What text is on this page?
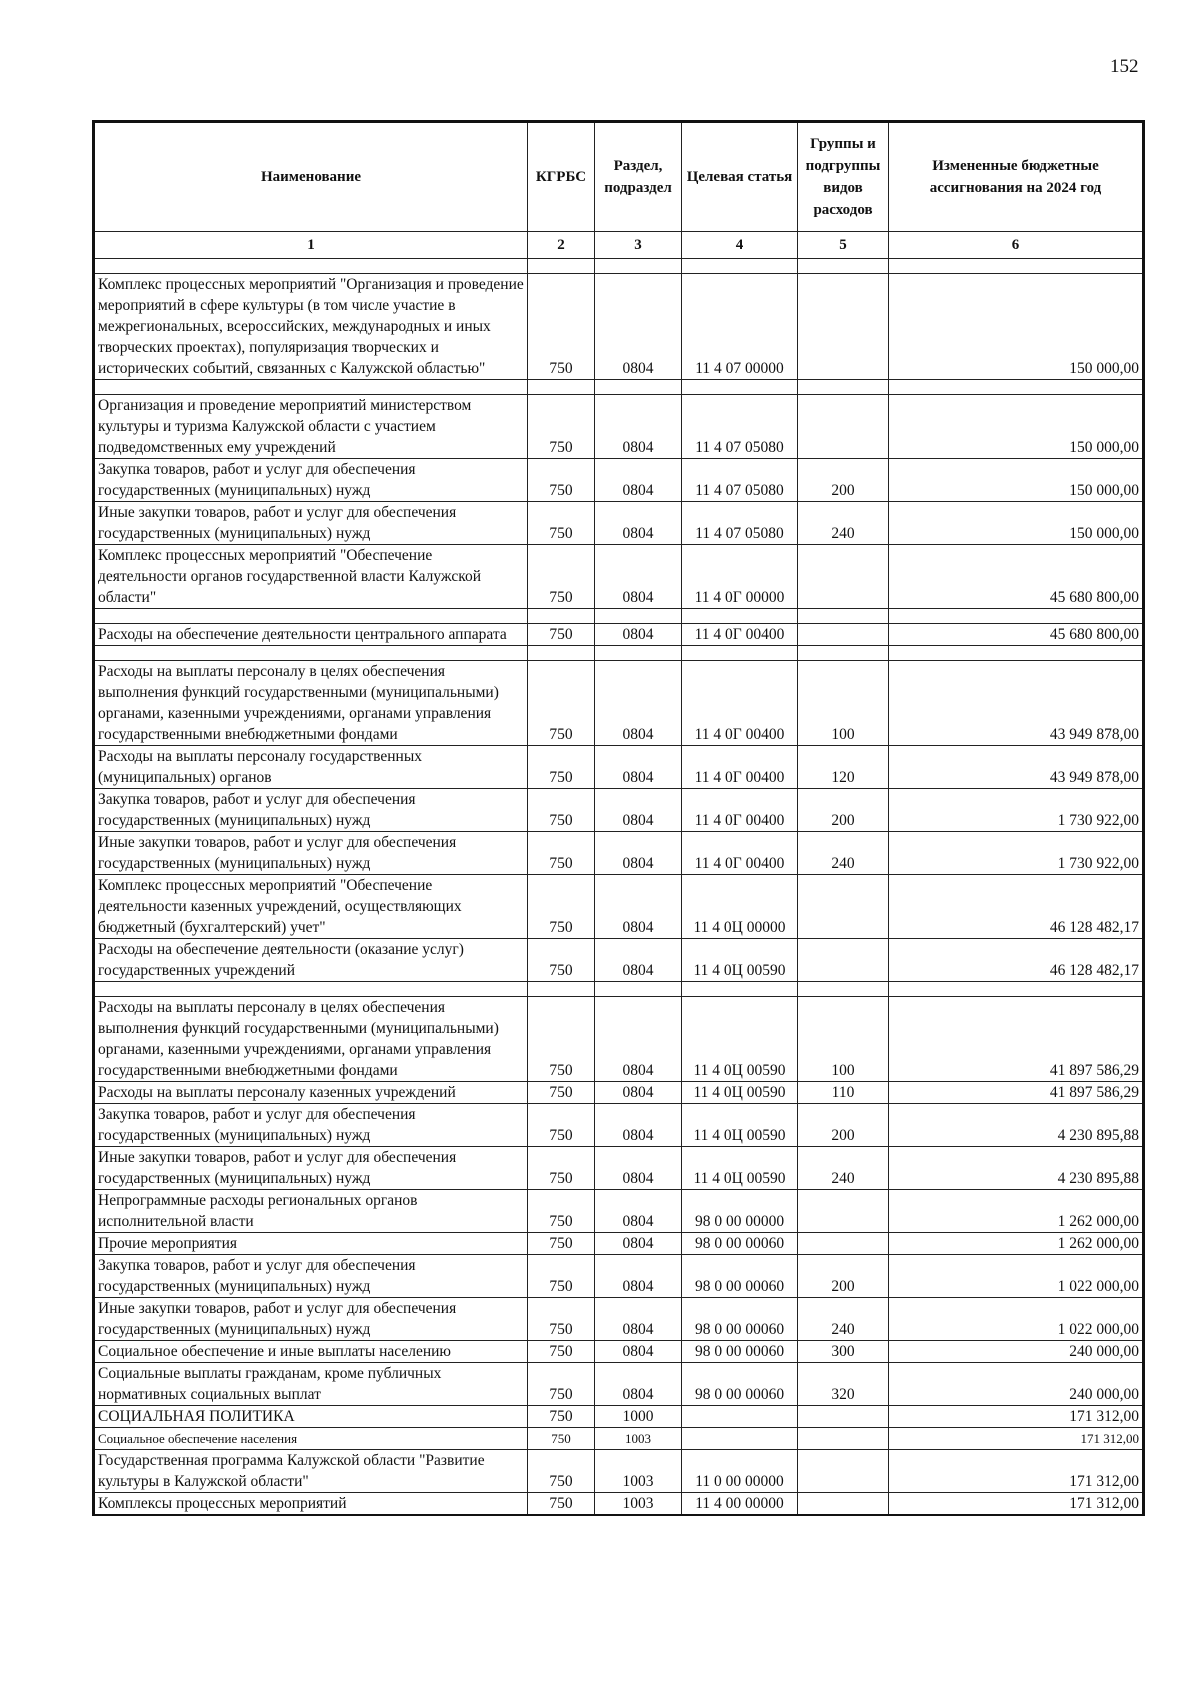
152
Наименование	КГРБС	Раздел, подраздел	Целевая статья	Группы и подгруппы видов расходов	Измененные бюджетные ассигнования на 2024 год
1	2	3	4	5	6

Комплекс процессных мероприятий "Организация и проведение мероприятий в сфере культуры (в том числе участие в межрегиональных, всероссийских, международных и иных творческих проектах), популяризация творческих и исторических событий, связанных с Калужской областью"	750	0804	11 4 07 00000		150 000,00

Организация и проведение мероприятий министерством культуры и туризма Калужской области с участием подведомственных ему учреждений	750	0804	11 4 07 05080		150 000,00
Закупка товаров, работ и услуг для обеспечения государственных (муниципальных) нужд	750	0804	11 4 07 05080	200	150 000,00
Иные закупки товаров, работ и услуг для обеспечения государственных (муниципальных) нужд	750	0804	11 4 07 05080	240	150 000,00
Комплекс процессных мероприятий "Обеспечение деятельности органов государственной власти Калужской области"	750	0804	11 4 0Г 00000		45 680 800,00

Расходы на обеспечение деятельности центрального аппарата	750	0804	11 4 0Г 00400		45 680 800,00

Расходы на выплаты персоналу в целях обеспечения выполнения функций государственными (муниципальными) органами, казенными учреждениями, органами управления государственными внебюджетными фондами	750	0804	11 4 0Г 00400	100	43 949 878,00
Расходы на выплаты персоналу государственных (муниципальных) органов	750	0804	11 4 0Г 00400	120	43 949 878,00
Закупка товаров, работ и услуг для обеспечения государственных (муниципальных) нужд	750	0804	11 4 0Г 00400	200	1 730 922,00
Иные закупки товаров, работ и услуг для обеспечения государственных (муниципальных) нужд	750	0804	11 4 0Г 00400	240	1 730 922,00
Комплекс процессных мероприятий "Обеспечение деятельности казенных учреждений, осуществляющих бюджетный (бухгалтерский) учет"	750	0804	11 4 0Ц 00000		46 128 482,17
Расходы на обеспечение деятельности (оказание услуг) государственных учреждений	750	0804	11 4 0Ц 00590		46 128 482,17

Расходы на выплаты персоналу в целях обеспечения выполнения функций государственными (муниципальными) органами, казенными учреждениями, органами управления государственными внебюджетными фондами	750	0804	11 4 0Ц 00590	100	41 897 586,29
Расходы на выплаты персоналу казенных учреждений	750	0804	11 4 0Ц 00590	110	41 897 586,29
Закупка товаров, работ и услуг для обеспечения государственных (муниципальных) нужд	750	0804	11 4 0Ц 00590	200	4 230 895,88
Иные закупки товаров, работ и услуг для обеспечения государственных (муниципальных) нужд	750	0804	11 4 0Ц 00590	240	4 230 895,88
Непрограммные расходы региональных органов исполнительной власти	750	0804	98 0 00 00000		1 262 000,00
Прочие мероприятия	750	0804	98 0 00 00060		1 262 000,00
Закупка товаров, работ и услуг для обеспечения государственных (муниципальных) нужд	750	0804	98 0 00 00060	200	1 022 000,00
Иные закупки товаров, работ и услуг для обеспечения государственных (муниципальных) нужд	750	0804	98 0 00 00060	240	1 022 000,00
Социальное обеспечение и иные выплаты населению	750	0804	98 0 00 00060	300	240 000,00
Социальные выплаты гражданам, кроме публичных нормативных социальных выплат	750	0804	98 0 00 00060	320	240 000,00
СОЦИАЛЬНАЯ ПОЛИТИКА	750	1000			171 312,00
Социальное обеспечение населения	750	1003			171 312,00
Государственная программа Калужской области "Развитие культуры в Калужской области"	750	1003	11 0 00 00000		171 312,00
Комплексы процессных мероприятий	750	1003	11 4 00 00000		171 312,00
